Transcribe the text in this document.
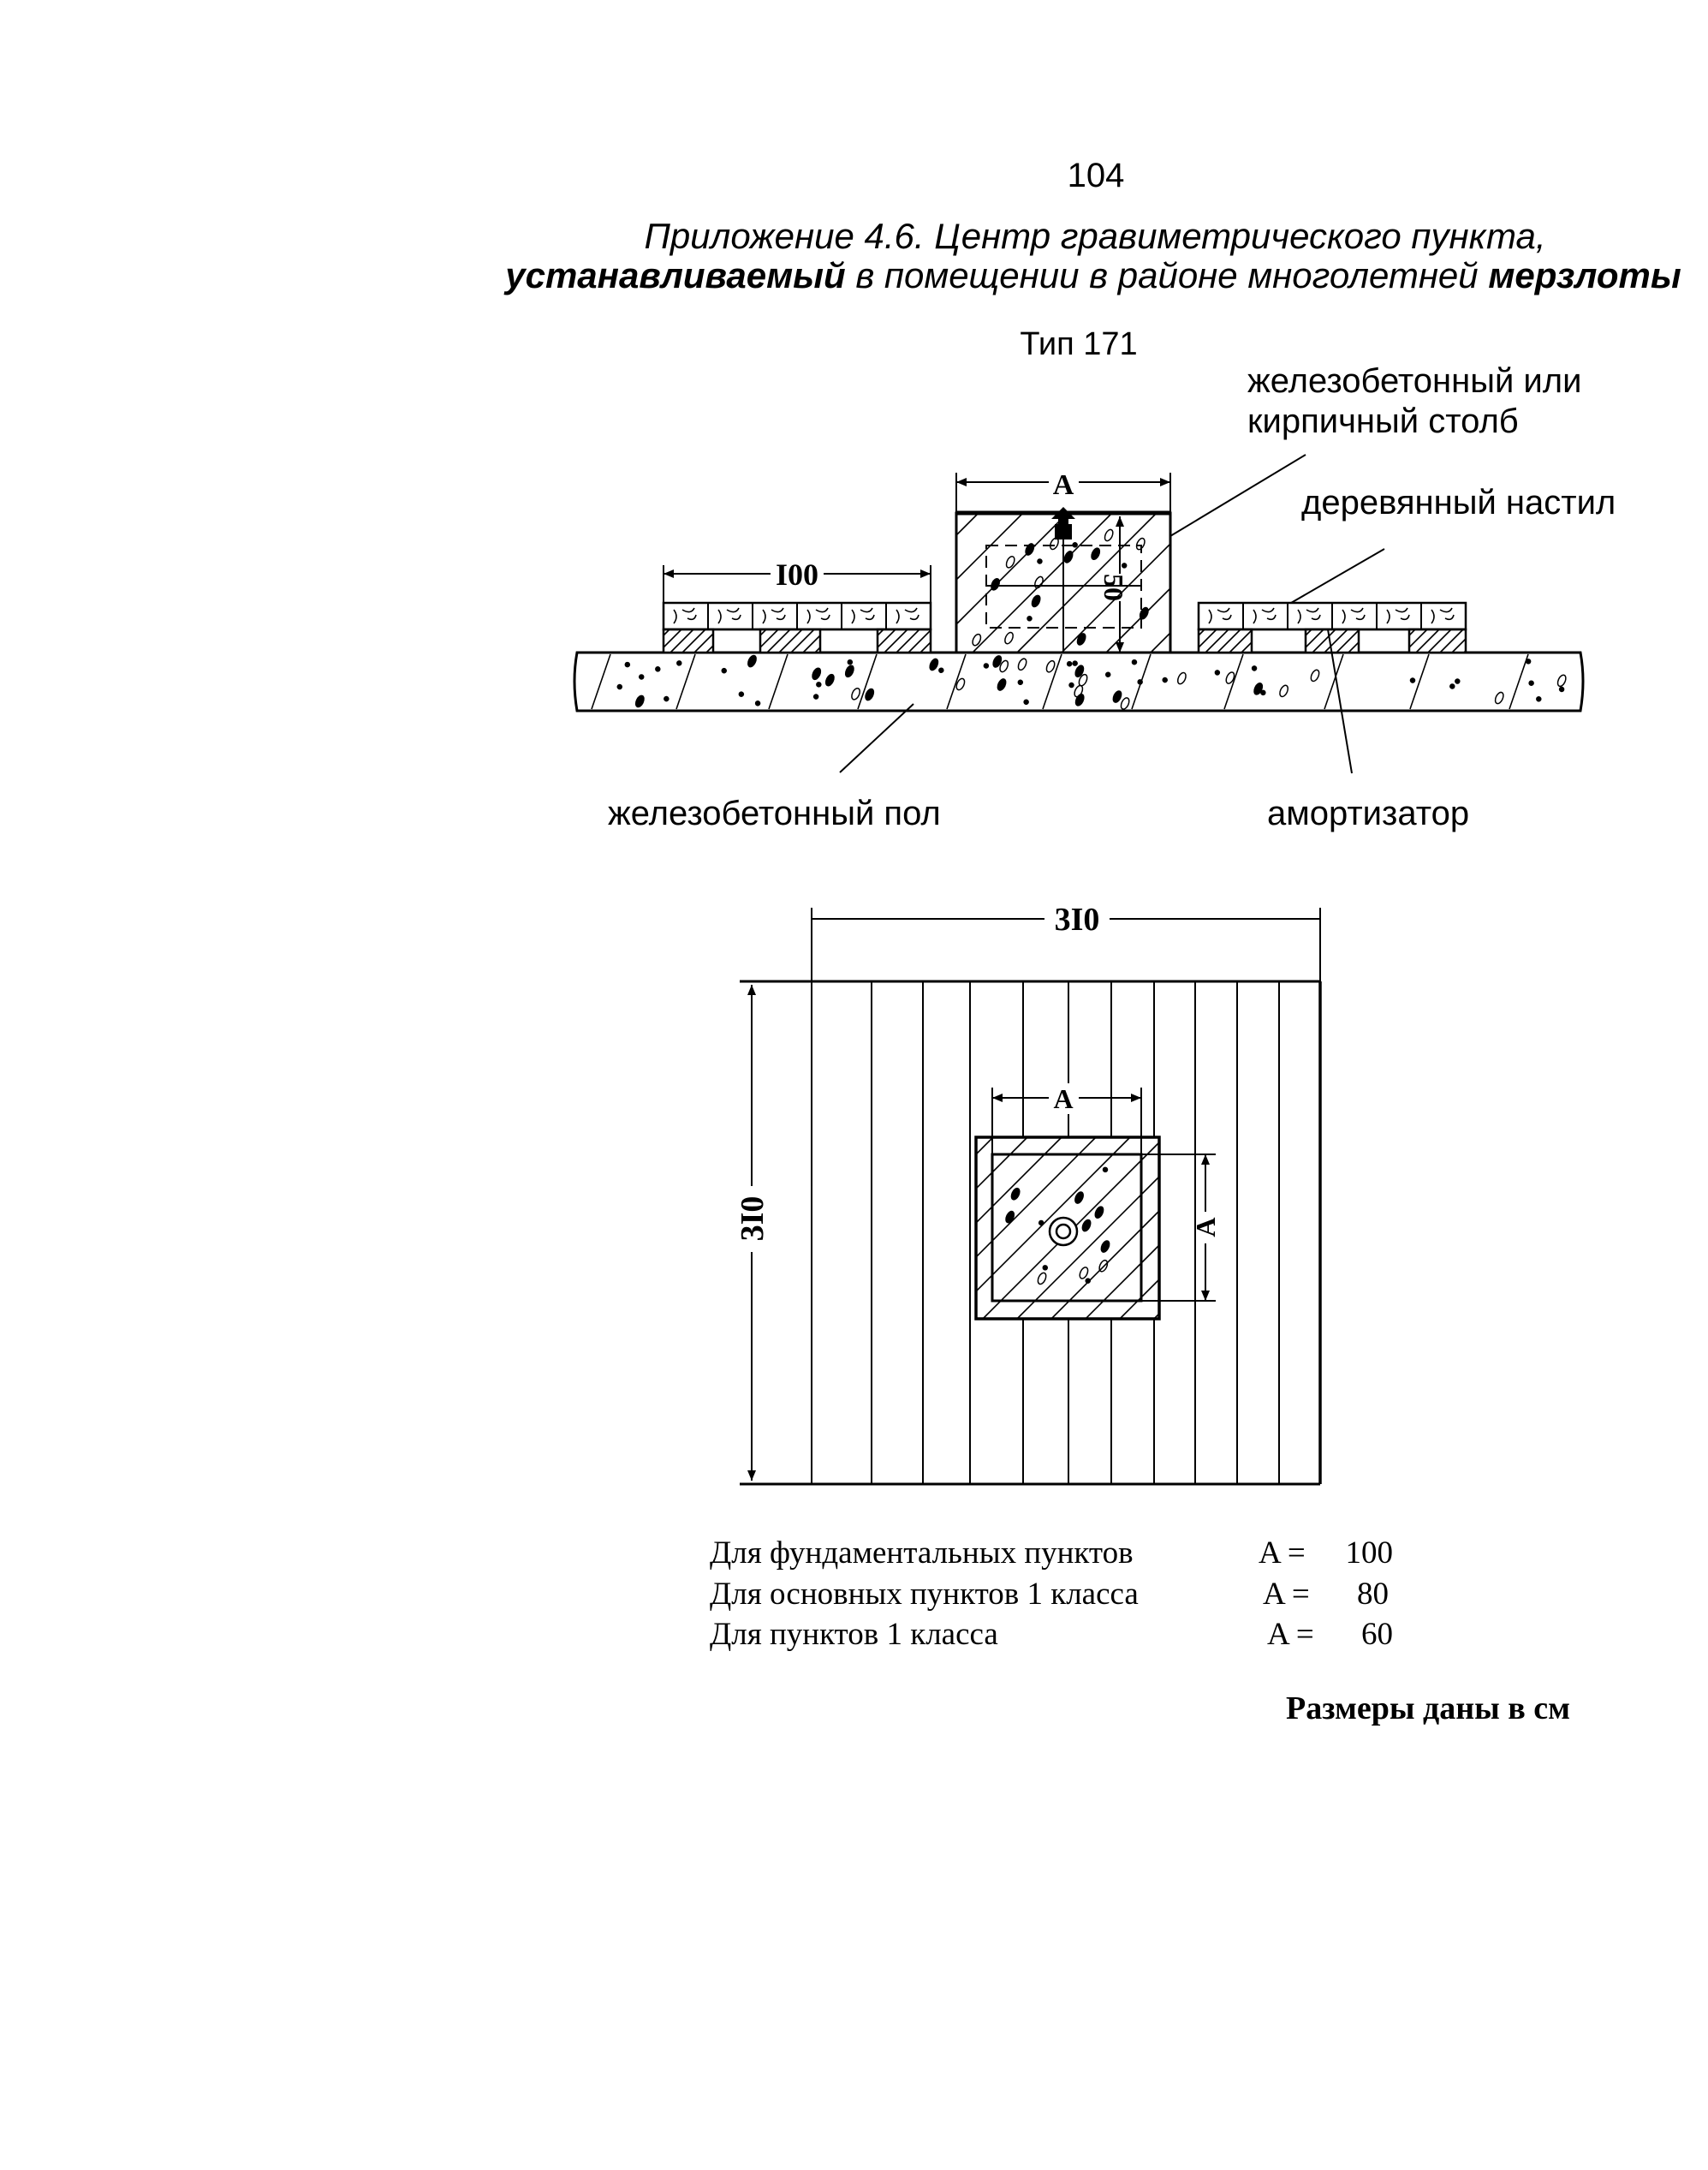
104
Приложение 4.6. Центр гравиметрического пункта,
устанавливаемый в помещении в районе многолетней мерзлоты
Тип 171
железобетонный или
кирпичный столб
деревянный настил
железобетонный пол	амортизатор
A
I00	50
3I0
3I0
A
A
Для фундаментальных пунктов	A = 100
Для основных пунктов 1 класса	A = 80
Для пунктов 1 класса	A = 60
Размеры даны в см
